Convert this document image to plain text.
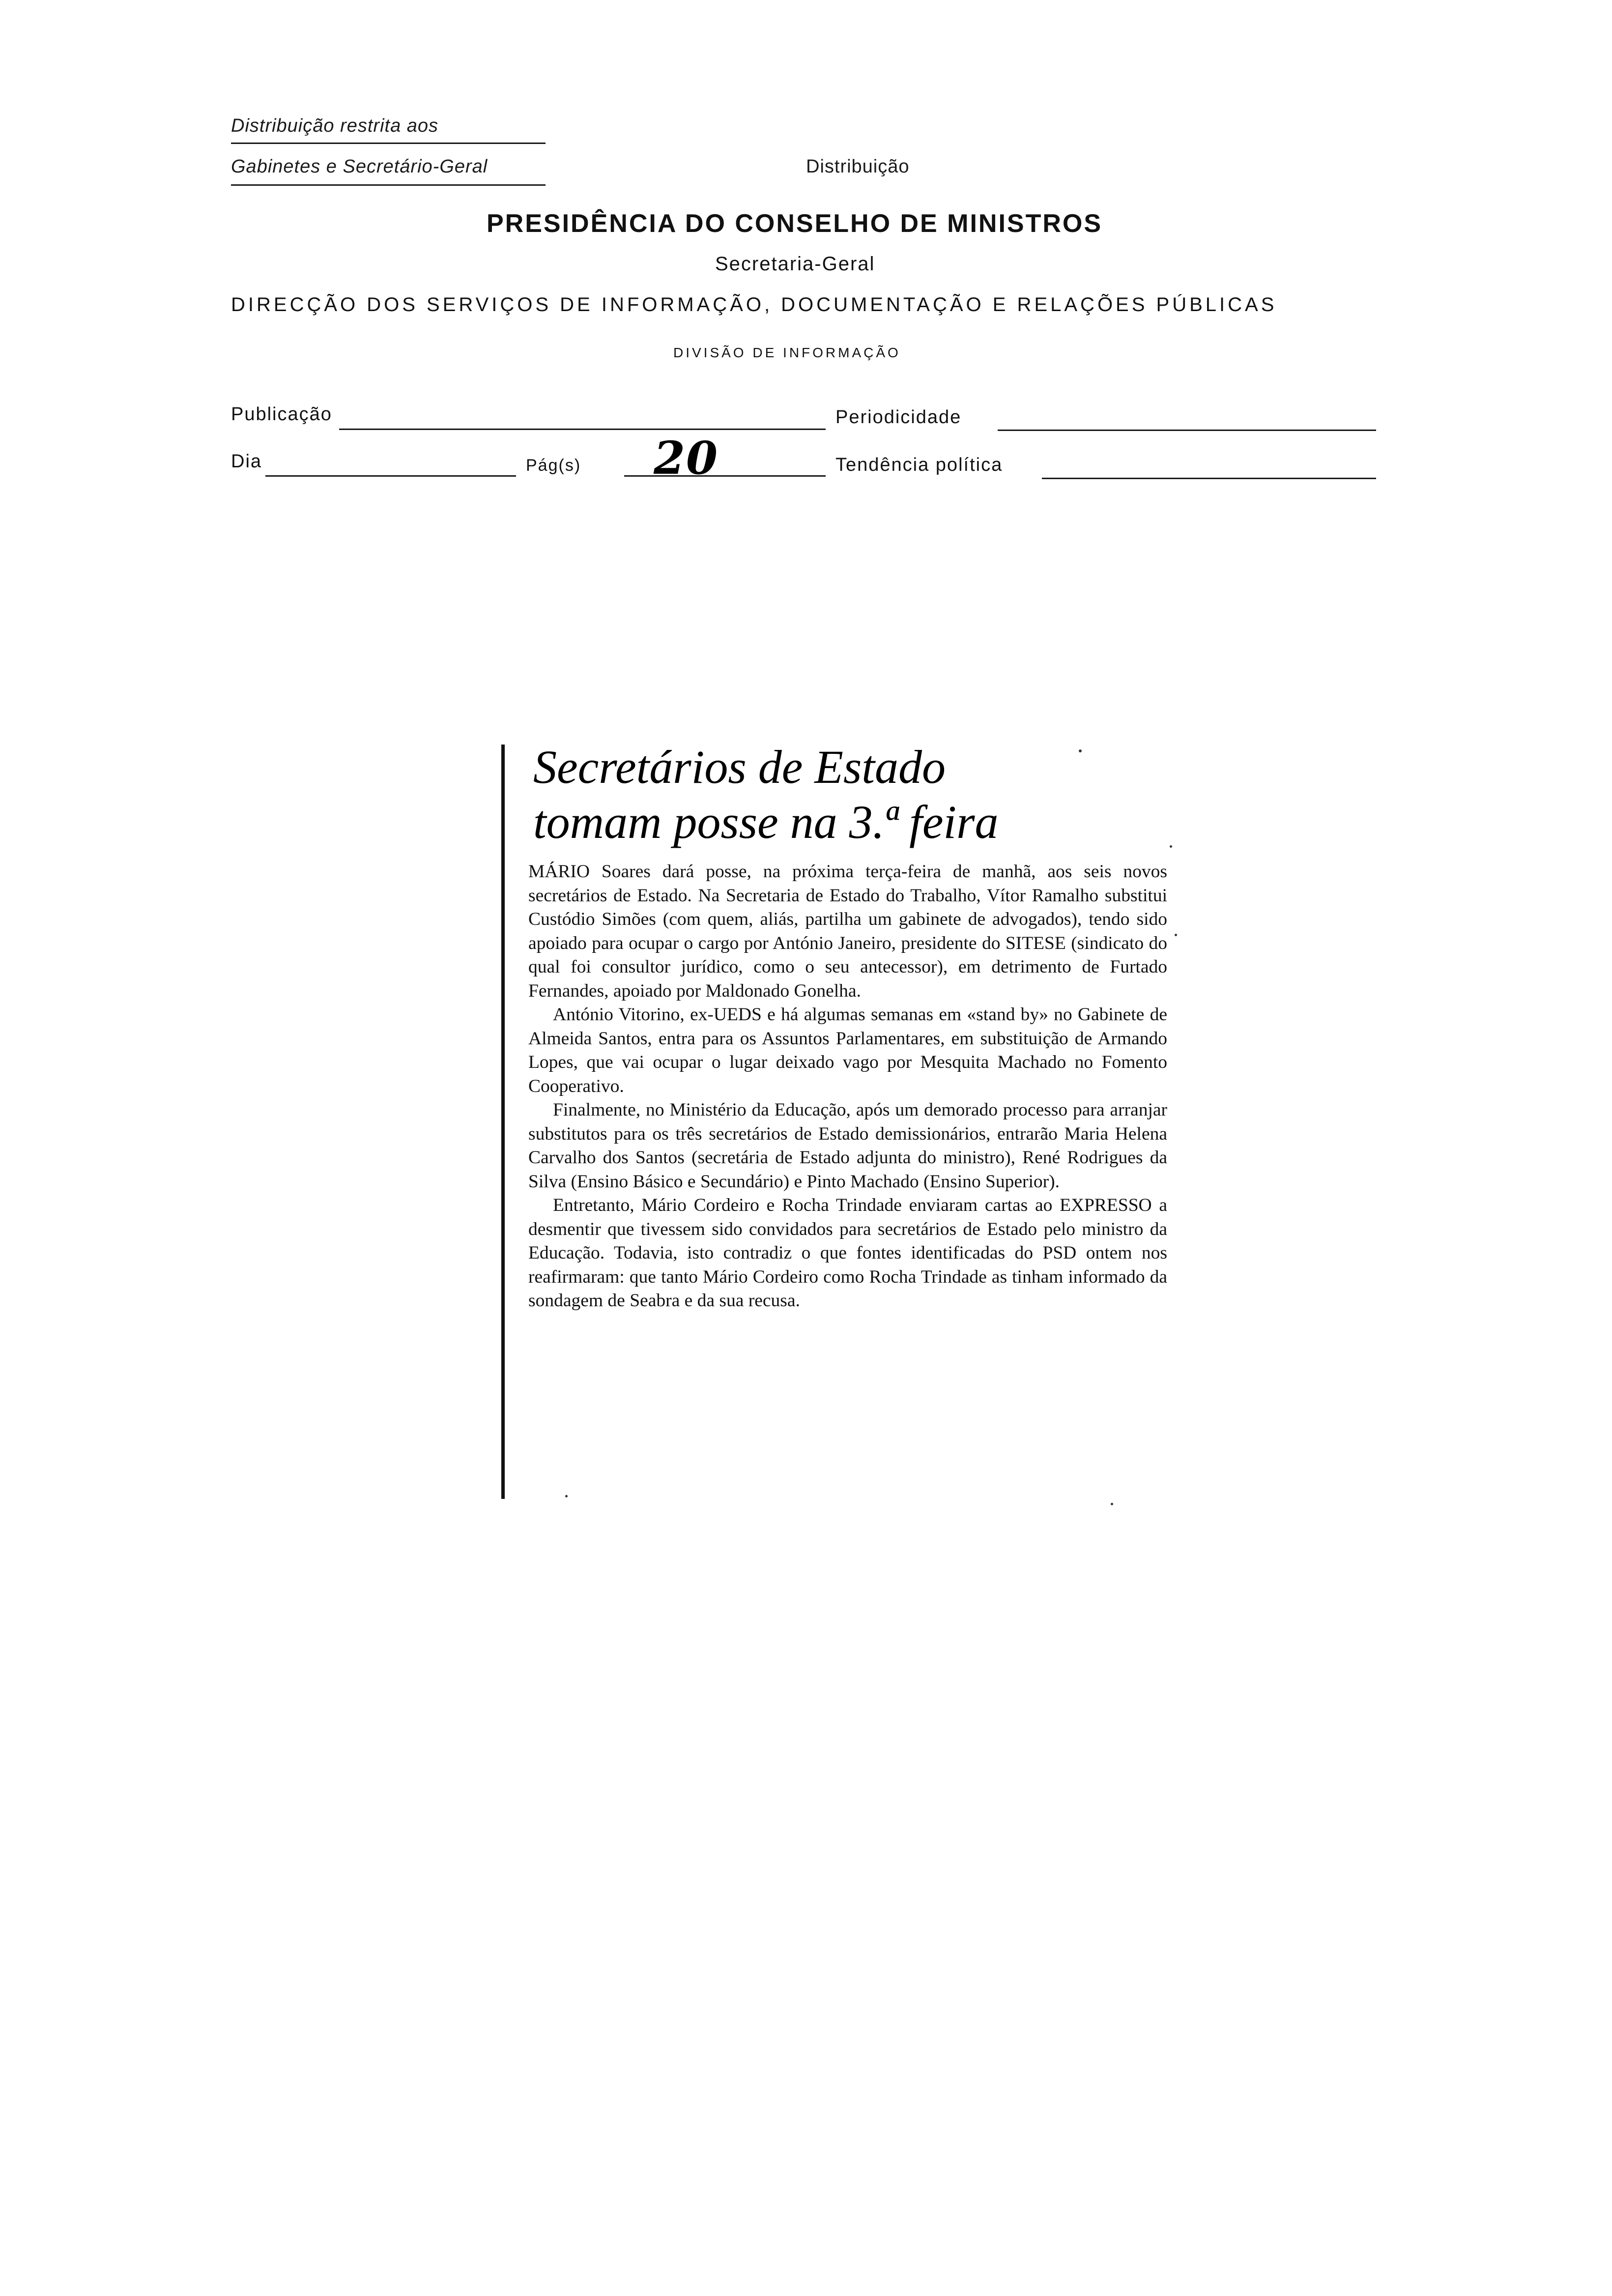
Distribuição restrita aos
Gabinetes e Secretário-Geral	Distribuição
PRESIDÊNCIA DO CONSELHO DE MINISTROS
Secretaria-Geral
DIRECÇÃO DOS SERVIÇOS DE INFORMAÇÃO, DOCUMENTAÇÃO E RELAÇÕES PÚBLICAS
DIVISÃO DE INFORMAÇÃO
Publicação	Periodicidade
Dia	Pág(s) 20	Tendência política
Secretários de Estado
tomam posse na 3.ª feira

MÁRIO Soares dará posse, na próxima terça-feira de manhã, aos seis novos secretários de Estado. Na Secretaria de Estado do Trabalho, Vítor Ramalho substitui Custódio Simões (com quem, aliás, partilha um gabinete de advogados), tendo sido apoiado para ocupar o cargo por António Janeiro, presidente do SITESE (sindicato do qual foi consultor jurídico, como o seu antecessor), em detrimento de Furtado Fernandes, apoiado por Maldonado Gonelha.

António Vitorino, ex-UEDS e há algumas semanas em «stand by» no Gabinete de Almeida Santos, entra para os Assuntos Parlamentares, em substituição de Armando Lopes, que vai ocupar o lugar deixado vago por Mesquita Machado no Fomento Cooperativo.

Finalmente, no Ministério da Educação, após um demorado processo para arranjar substitutos para os três secretários de Estado demissionários, entrarão Maria Helena Carvalho dos Santos (secretária de Estado adjunta do ministro), René Rodrigues da Silva (Ensino Básico e Secundário) e Pinto Machado (Ensino Superior).

Entretanto, Mário Cordeiro e Rocha Trindade enviaram cartas ao EXPRESSO a desmentir que tivessem sido convidados para secretários de Estado pelo ministro da Educação. Todavia, isto contradiz o que fontes identificadas do PSD ontem nos reafirmaram: que tanto Mário Cordeiro como Rocha Trindade as tinham informado da sondagem de Seabra e da sua recusa.
